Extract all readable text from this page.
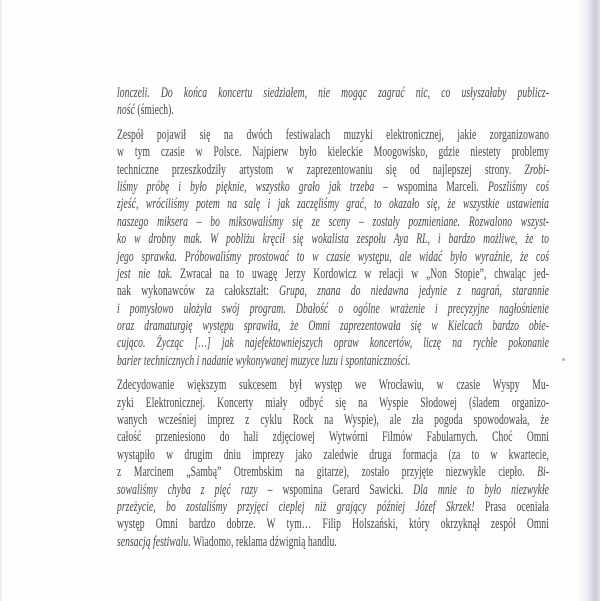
lonczeli. Do końca koncertu siedziałem, nie mogąc zagrać nic, co usłyszałaby publicz-
ność (śmiech).
Zespół pojawił się na dwóch festiwalach muzyki elektronicznej, jakie zorganizowano
w tym czasie w Polsce. Najpierw było kieleckie Moogowisko, gdzie niestety problemy
techniczne przeszkodziły artystom w zaprezentowaniu się od najlepszej strony. Zrobi-
liśmy próbę i było pięknie, wszystko grało jak trzeba – wspomina Marceli. Poszliśmy coś
zjeść, wróciliśmy potem na salę i jak zaczęliśmy grać, to okazało się, że wszystkie ustawienia
naszego miksera – bo miksowaliśmy się ze sceny – zostały pozmieniane. Rozwalono wszyst-
ko w drobny mak. W pobliżu kręcił się wokalista zespołu Aya RL, i bardzo możliwe, że to
jego sprawka. Próbowaliśmy prostować to w czasie występu, ale widać było wyraźnie, że coś
jest nie tak. Zwracał na to uwagę Jerzy Kordowicz w relacji w „Non Stopie”, chwaląc jed-
nak wykonawców za całokształt: Grupa, znana do niedawna jedynie z nagrań, starannie
i pomysłowo ułożyła swój program. Dbałość o ogólne wrażenie i precyzyjne nagłośnienie
oraz dramaturgię występu sprawiła, że Omni zaprezentowała się w Kielcach bardzo obie-
cująco. Życząc […] jak najefektowniejszych opraw koncertów, liczę na rychłe pokonanie
barier technicznych i nadanie wykonywanej muzyce luzu i spontaniczności.
Zdecydowanie większym sukcesem był występ we Wrocławiu, w czasie Wyspy Mu-
zyki Elektronicznej. Koncerty miały odbyć się na Wyspie Słodowej (śladem organizo-
wanych wcześniej imprez z cyklu Rock na Wyspie), ale zła pogoda spowodowała, że
całość przeniesiono do hali zdjęciowej Wytwórni Filmów Fabularnych. Choć Omni
wystąpiło w drugim dniu imprezy jako zaledwie druga formacja (za to w kwartecie,
z Marcinem „Sambą” Otrembskim na gitarze), zostało przyjęte niezwykle ciepło. Bi-
sowaliśmy chyba z pięć razy – wspomina Gerard Sawicki. Dla mnie to było niezwykłe
przeżycie, bo zostaliśmy przyjęci cieplej niż grający później Józef Skrzek! Prasa oceniała
występ Omni bardzo dobrze. W tym… Filip Holszański, który okrzyknął zespół Omni
sensacją festiwalu. Wiadomo, reklama dźwignią handlu.
